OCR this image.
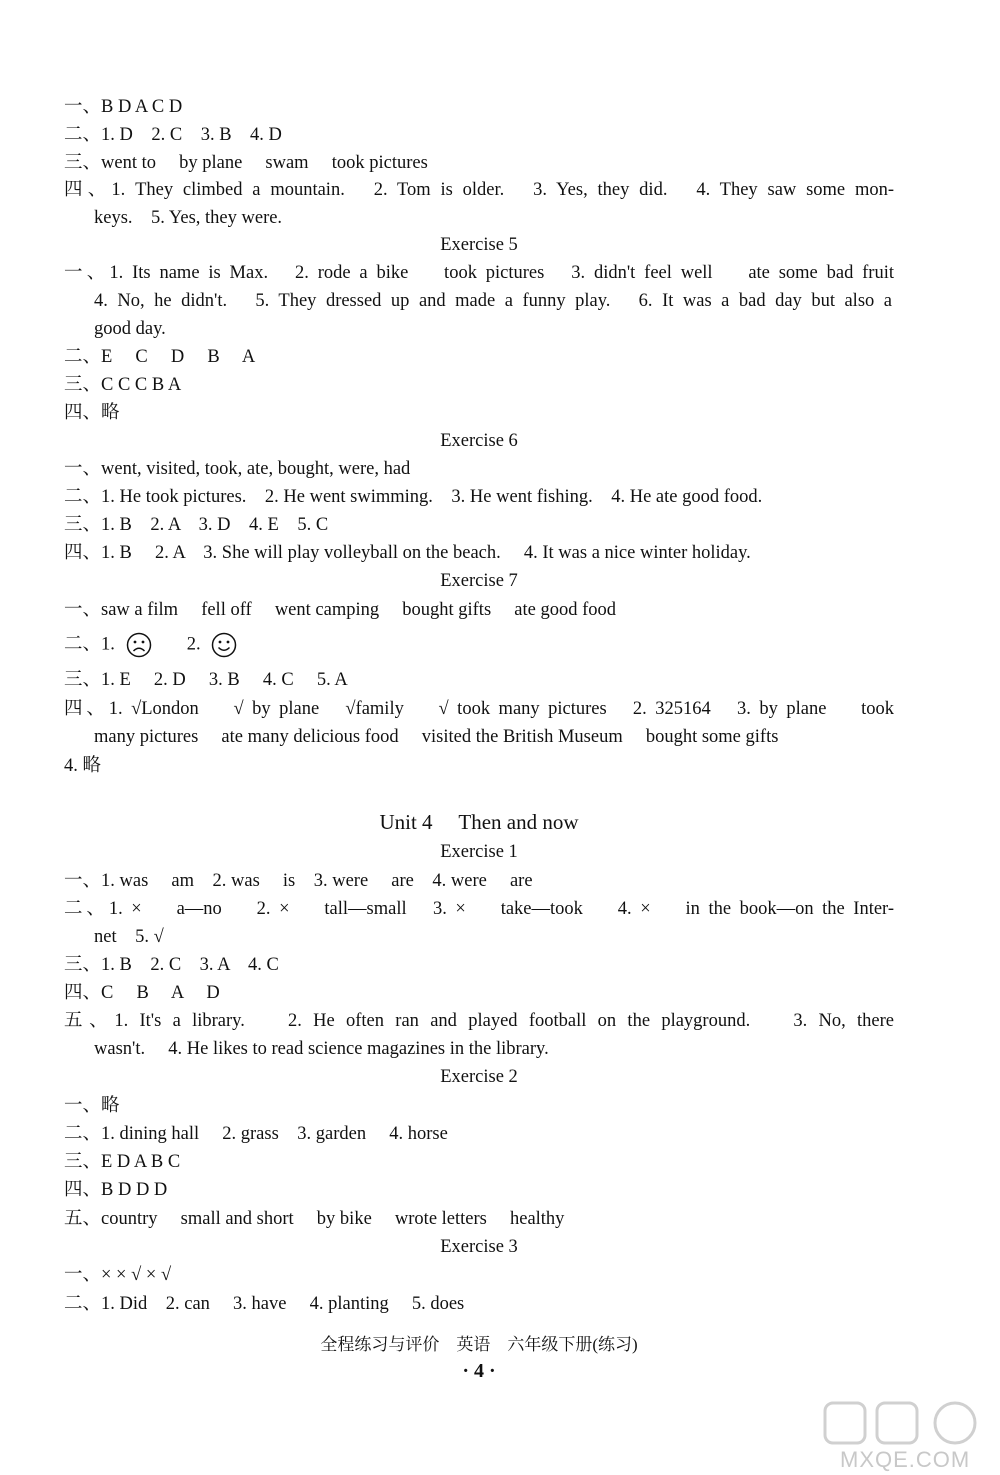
一、B D A C D
二、1. D　2. C　3. B　4. D
三、went to　 by plane　 swam　 took pictures
四、1. They climbed a mountain.　2. Tom is older.　3. Yes, they did.　4. They saw some mon-
keys.　5. Yes, they were.
Exercise 5
一、1. Its name is Max.　2. rode a bike　 took pictures　3. didn't feel well　 ate some bad fruit
4. No, he didn't.　5. They dressed up and made a funny play.　6. It was a bad day but also a
good day.
二、E　 C　 D　 B　 A
三、C C C B A
四、略
Exercise 6
一、went, visited, took, ate, bought, were, had
二、1. He took pictures.　2. He went swimming.　3. He went fishing.　4. He ate good food.
三、1. B　2. A　3. D　4. E　5. C
四、1. B　 2. A　3. She will play volleyball on the beach.　 4. It was a nice winter holiday.
Exercise 7
一、saw a film　 fell off　 went camping　 bought gifts　 ate good food
二、1.	2.
三、1. E　 2. D　 3. B　 4. C　 5. A
四、1. √London　 √ by plane　√family　 √ took many pictures　2. 325164　3. by plane　 took
many pictures　 ate many delicious food　 visited the British Museum　 bought some gifts
4. 略
Unit 4　 Then and now
Exercise 1
一、1. was　 am　2. was　 is　3. were　 are　4. were　 are
二、1. ×　 a—no　 2. ×　 tall—small　3. ×　 take—took　 4. ×　 in the book—on the Inter-
net　5. √
三、1. B　2. C　3. A　4. C
四、C　 B　 A　 D
五、1. It's a library.　 2. He often ran and played football on the playground.　 3. No, there
wasn't.　 4. He likes to read science magazines in the library.
Exercise 2
一、略
二、1. dining hall　 2. grass　3. garden　 4. horse
三、E D A B C
四、B D D D
五、country　 small and short　 by bike　 wrote letters　 healthy
Exercise 3
一、× × √ × √
二、1. Did　2. can　 3. have　 4. planting　 5. does
全程练习与评价　英语　六年级下册(练习)
· 4 ·
MXQE.COM
